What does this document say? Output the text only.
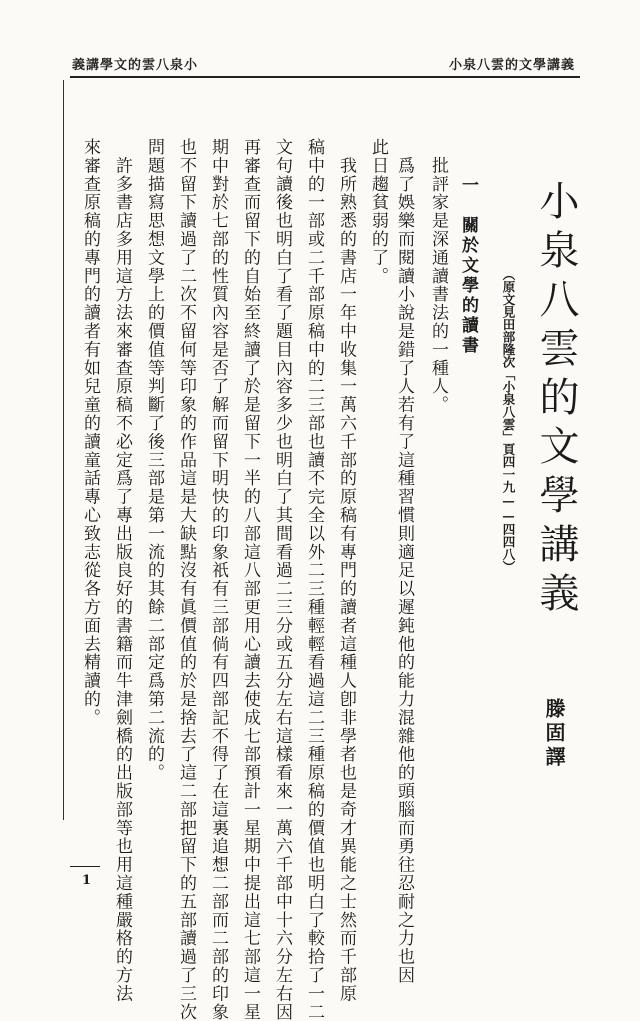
義講學文的雲八泉小	小泉八雲的文學講義
小泉八雲的文學講義
（原文見田部隆次「小泉八雲」頁四一九——四四八）
滕固譯
一　關於文學的讀書
　批評家是深通讀書法的一種人。
　爲了娛樂而閱讀小說是錯了人若有了這種習慣則適足以遲鈍他的能力混雜他的頭腦而勇往忍耐之力也因
此日趨貧弱的了。
　我所熟悉的書店一年中收集一萬六千部的原稿有專門的讀者這種人卽非學者也是奇才異能之士然而千部原
稿中的一部或二千部原稿中的二三部也讀不完全以外二三種輕輕看過這二三種原稿的價值也明白了較拾了一二
文句讀後也明白了看了題目內容多少也明白了其間看過二三分或五分左右這樣看來一萬六千部中十六分左右因
再審查而留下的自始至終讀了於是留下一半的八部這八部更用心讀去使成七部預計一星期中提出這七部這一星
期中對於七部的性質內容是否了解而留下明快的印象祇有三部倘有四部記不得了在這裏追想二部而二部的印象
也不留下讀過了二次不留何等印象的作品這是大缺點沒有眞價值的於是捨去了這二部把留下的五部讀過了三次
問題描寫思想文學上的價值等判斷了後三部是第一流的其餘二部定爲第二流的。
　許多書店多用這方法來審查原稿不必定爲了專出版良好的書籍而牛津劍橋的出版部等也用這種嚴格的方法
來審查原稿的專門的讀者有如兒童的讀童話專心致志從各方面去精讀的。
1
